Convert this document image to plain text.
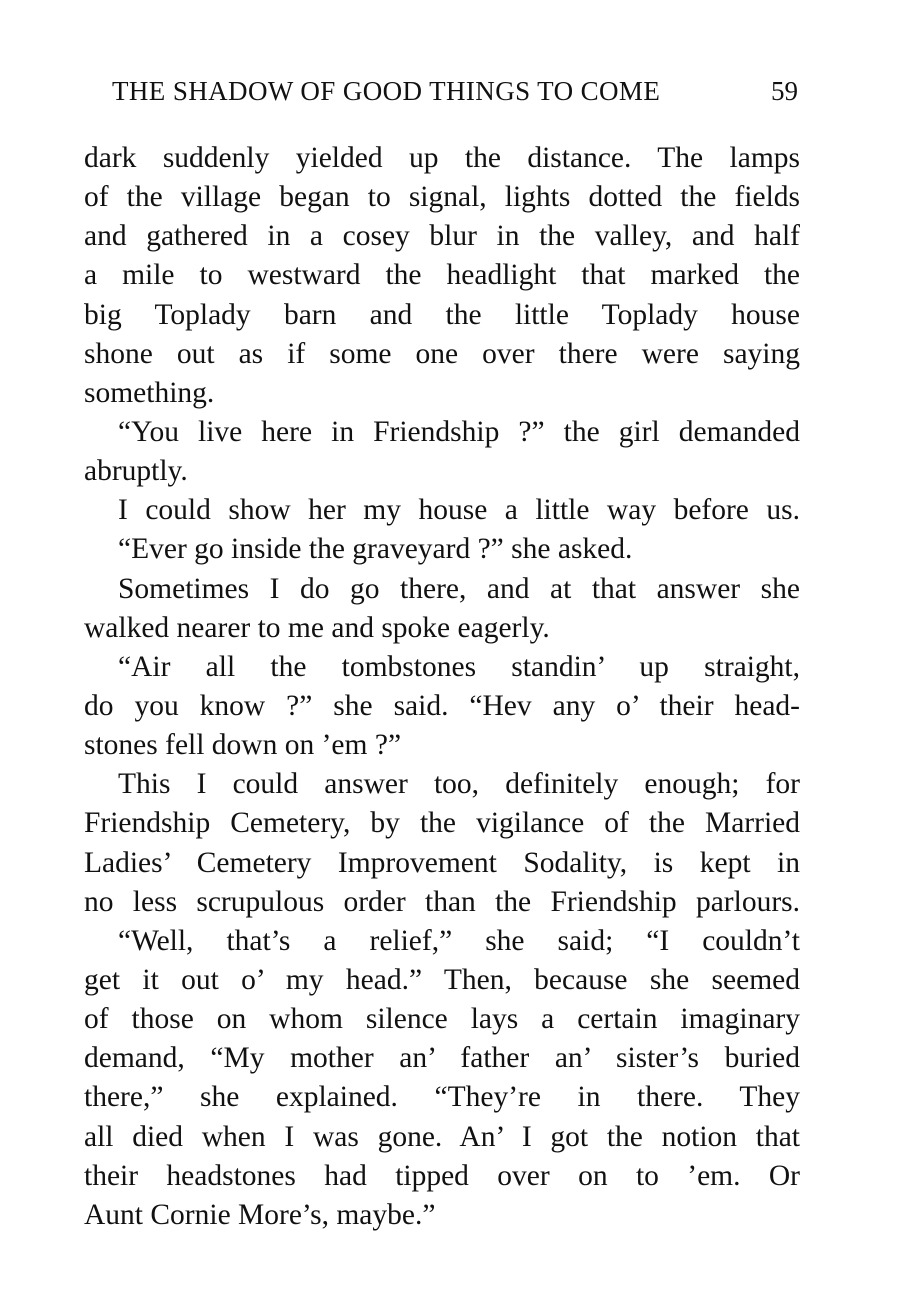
THE SHADOW OF GOOD THINGS TO COME	59
dark suddenly yielded up the distance. The lamps
of the village began to signal, lights dotted the fields
and gathered in a cosey blur in the valley, and half
a mile to westward the headlight that marked the
big Toplady barn and the little Toplady house
shone out as if some one over there were saying
something.
“You live here in Friendship ?” the girl demanded
abruptly.
I could show her my house a little way before us.
“Ever go inside the graveyard ?” she asked.
Sometimes I do go there, and at that answer she
walked nearer to me and spoke eagerly.
“Air all the tombstones standin’ up straight,
do you know ?” she said. “Hev any o’ their head-
stones fell down on ’em ?”
This I could answer too, definitely enough; for
Friendship Cemetery, by the vigilance of the Married
Ladies’ Cemetery Improvement Sodality, is kept in
no less scrupulous order than the Friendship parlours.
“Well, that’s a relief,” she said; “I couldn’t
get it out o’ my head.” Then, because she seemed
of those on whom silence lays a certain imaginary
demand, “My mother an’ father an’ sister’s buried
there,” she explained. “They’re in there. They
all died when I was gone. An’ I got the notion that
their headstones had tipped over on to ’em. Or
Aunt Cornie More’s, maybe.”
